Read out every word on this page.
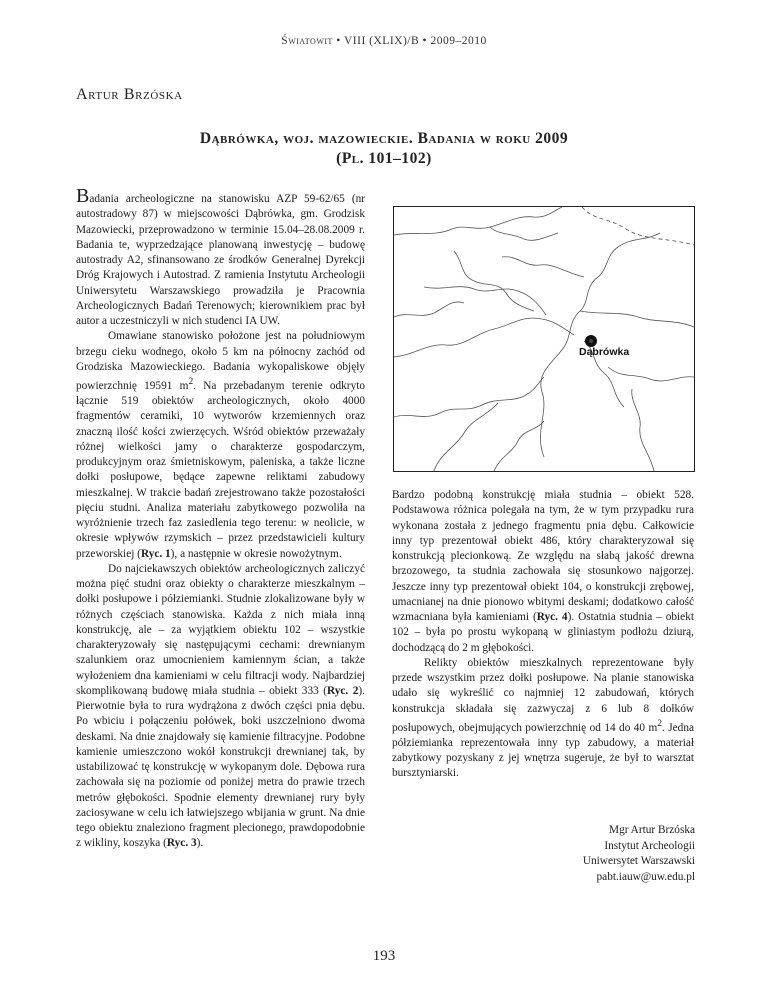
Światowit • VIII (XLIX)/B • 2009–2010
Artur Brzóska
Dąbrówka, woj. mazowieckie. Badania w roku 2009
(Pl. 101–102)

Badania archeologiczne na stanowisku AZP 59-62/65 (nr autostradowy 87) w miejscowości Dąbrówka, gm. Grodzisk Mazowiecki, przeprowadzono w terminie 15.04–28.08.2009 r. Badania te, wyprzedzające planowaną inwestycję – budowę autostrady A2, sfinansowano ze środków Generalnej Dyrekcji Dróg Krajowych i Autostrad. Z ramienia Instytutu Archeologii Uniwersytetu Warszawskiego prowadziła je Pracownia Archeologicznych Badań Terenowych; kierownikiem prac był autor a uczestniczyli w nich studenci IA UW.

Omawiane stanowisko położone jest na południowym brzegu cieku wodnego, około 5 km na północny zachód od Grodziska Mazowieckiego. Badania wykopaliskowe objęły powierzchnię 19591 $m^2$. Na przebadanym terenie odkryto łącznie 519 obiektów archeologicznych, około 4000 fragmentów ceramiki, 10 wytworów krzemiennych oraz znaczną ilość kości zwierzęcych. Wśród obiektów przeważały różnej wielkości jamy o charakterze gospodarczym, produkcyjnym oraz śmietniskowym, paleniska, a także liczne dołki posłupowe, będące zapewne reliktami zabudowy mieszkalnej. W trakcie badań zrejestrowano także pozostałości pięciu studni. Analiza materiału zabytkowego pozwoliła na wyróżnienie trzech faz zasiedlenia tego terenu: w neolicie, w okresie wpływów rzymskich – przez przedstawicieli kultury przeworskiej (Ryc. 1), a następnie w okresie nowożytnym.

Do najciekawszych obiektów archeologicznych zaliczyć można pięć studni oraz obiekty o charakterze mieszkalnym – dołki posłupowe i półziemianki. Studnie zlokalizowane były w różnych częściach stanowiska. Każda z nich miała inną konstrukcję, ale – za wyjątkiem obiektu 102 – wszystkie charakteryzowały się następującymi cechami: drewnianym szalunkiem oraz umocnieniem kamiennym ścian, a także wyłożeniem dna kamieniami w celu filtracji wody. Najbardziej skomplikowaną budowę miała studnia – obiekt 333 (Ryc. 2). Pierwotnie była to rura wydrążona z dwóch części pnia dębu. Po wbiciu i połączeniu połówek, boki uszczelniono dwoma deskami. Na dnie znajdowały się kamienie filtracyjne. Podobne kamienie umieszczono wokół konstrukcji drewnianej tak, by ustabilizować tę konstrukcję w wykopanym dole. Dębowa rura zachowała się na poziomie od poniżej metra do prawie trzech metrów głębokości. Spodnie elementy drewnianej rury były zaciosywane w celu ich łatwiejszego wbijania w grunt. Na dnie tego obiektu znaleziono fragment plecionego, prawdopodobnie z wikliny, koszyka (Ryc. 3).

Dąbrówka

Bardzo podobną konstrukcję miała studnia – obiekt 528. Podstawowa różnica polegała na tym, że w tym przypadku rura wykonana została z jednego fragmentu pnia dębu. Całkowicie inny typ prezentował obiekt 486, który charakteryzował się konstrukcją plecionkową. Ze względu na słabą jakość drewna brzozowego, ta studnia zachowała się stosunkowo najgorzej. Jeszcze inny typ prezentował obiekt 104, o konstrukcji zrębowej, umacnianej na dnie pionowo wbitymi deskami; dodatkowo całość wzmacniana była kamieniami (Ryc. 4). Ostatnia studnia – obiekt 102 – była po prostu wykopaną w gliniastym podłożu dziurą, dochodzącą do 2 m głębokości.

Relikty obiektów mieszkalnych reprezentowane były przede wszystkim przez dołki posłupowe. Na planie stanowiska udało się wykreślić co najmniej 12 zabudowań, których konstrukcja składała się zazwyczaj z 6 lub 8 dołków posłupowych, obejmujących powierzchnię od 14 do 40 $m^2$. Jedna półziemianka reprezentowała inny typ zabudowy, a materiał zabytkowy pozyskany z jej wnętrza sugeruje, że był to warsztat bursztyniarski.

Mgr Artur Brzóska
Instytut Archeologii
Uniwersytet Warszawski
pabt.iauw@uw.edu.pl
193
